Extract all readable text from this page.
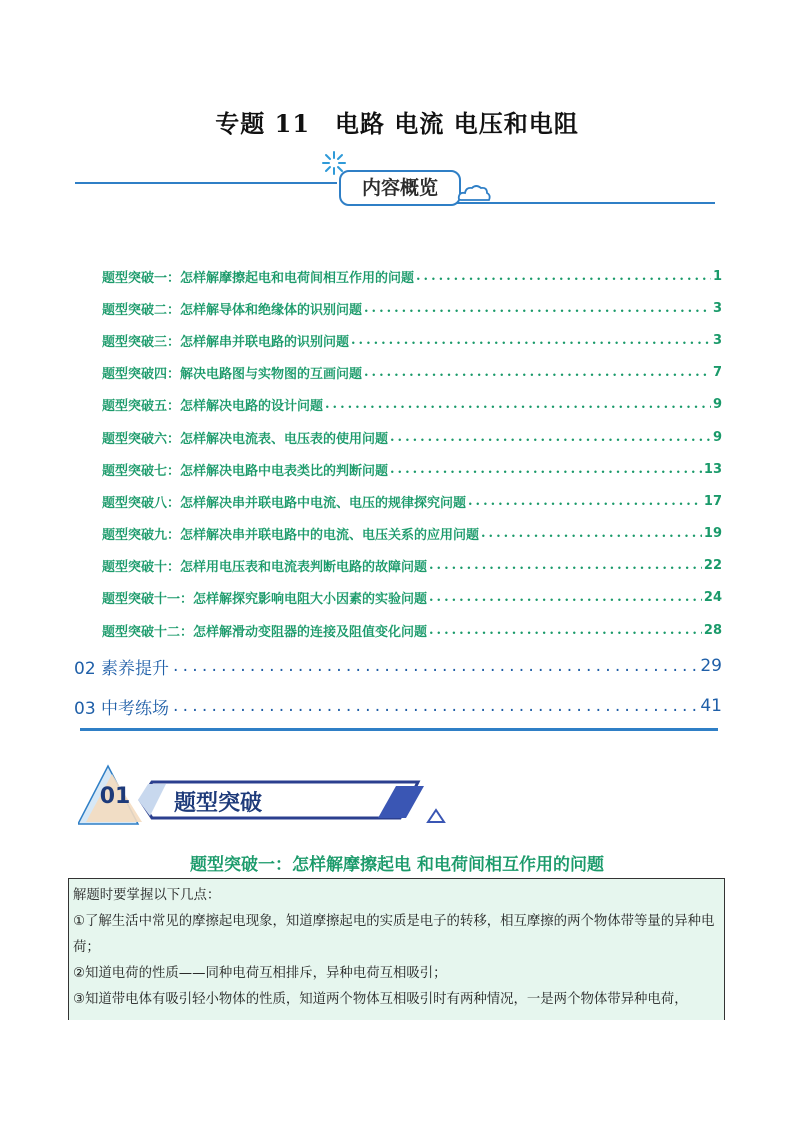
专题 11　电路 电流 电压和电阻
内容概览
题型突破一：怎样解摩擦起电和电荷间相互作用的问题 .....	1
题型突破二：怎样解导体和绝缘体的识别问题 .....	3
题型突破三：怎样解串并联电路的识别问题 .....	3
题型突破四：解决电路图与实物图的互画问题 .....	7
题型突破五：怎样解决电路的设计问题 .....	9
题型突破六：怎样解决电流表、电压表的使用问题 .....	9
题型突破七：怎样解决电路中电表类比的判断问题 .....	13
题型突破八：怎样解决串并联电路中电流、电压的规律探究问题 .....	17
题型突破九：怎样解决串并联电路中的电流、电压关系的应用问题 .....	19
题型突破十：怎样用电压表和电流表判断电路的故障问题 .....	22
题型突破十一：怎样解探究影响电阻大小因素的实验问题 .....	24
题型突破十二：怎样解滑动变阻器的连接及阻值变化问题 .....	28
02 素养提升 .....	29
03 中考练场 .....	41
01	题型突破
题型突破一：怎样解摩擦起电 和电荷间相互作用的问题

解题时要掌握以下几点：

①了解生活中常见的摩擦起电现象，知道摩擦起电的实质是电子的转移，相互摩擦的两个物体带等量的异种电荷；

②知道电荷的性质——同种电荷互相排斥，异种电荷互相吸引；

③知道带电体有吸引轻小物体的性质，知道两个物体互相吸引时有两种情况，一是两个物体带异种电荷，
